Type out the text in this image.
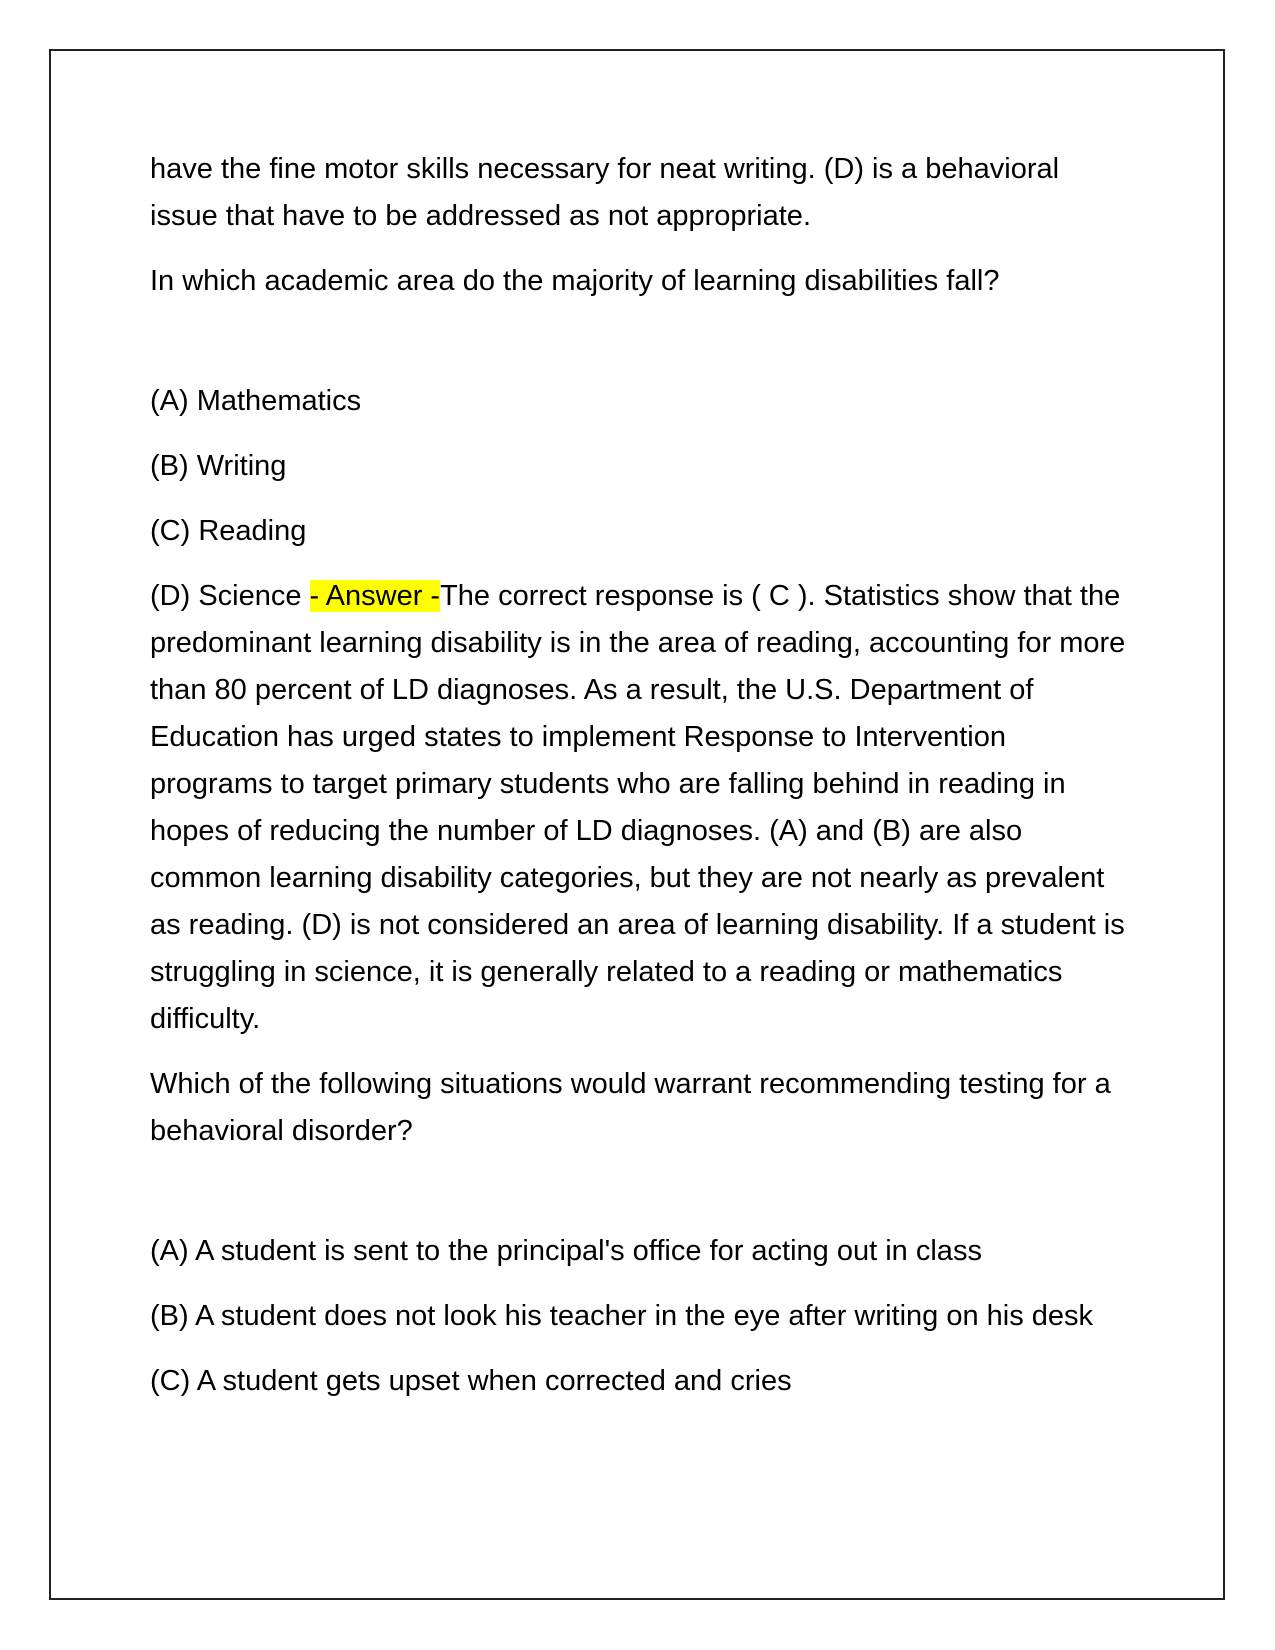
have the fine motor skills necessary for neat writing. (D) is a behavioral issue that have to be addressed as not appropriate.

In which academic area do the majority of learning disabilities fall?

(A) Mathematics

(B) Writing

(C) Reading

(D) Science - Answer -The correct response is ( C ). Statistics show that the predominant learning disability is in the area of reading, accounting for more than 80 percent of LD diagnoses. As a result, the U.S. Department of Education has urged states to implement Response to Intervention programs to target primary students who are falling behind in reading in hopes of reducing the number of LD diagnoses. (A) and (B) are also common learning disability categories, but they are not nearly as prevalent as reading. (D) is not considered an area of learning disability. If a student is struggling in science, it is generally related to a reading or mathematics difficulty.

Which of the following situations would warrant recommending testing for a behavioral disorder?

(A) A student is sent to the principal's office for acting out in class

(B) A student does not look his teacher in the eye after writing on his desk

(C) A student gets upset when corrected and cries
